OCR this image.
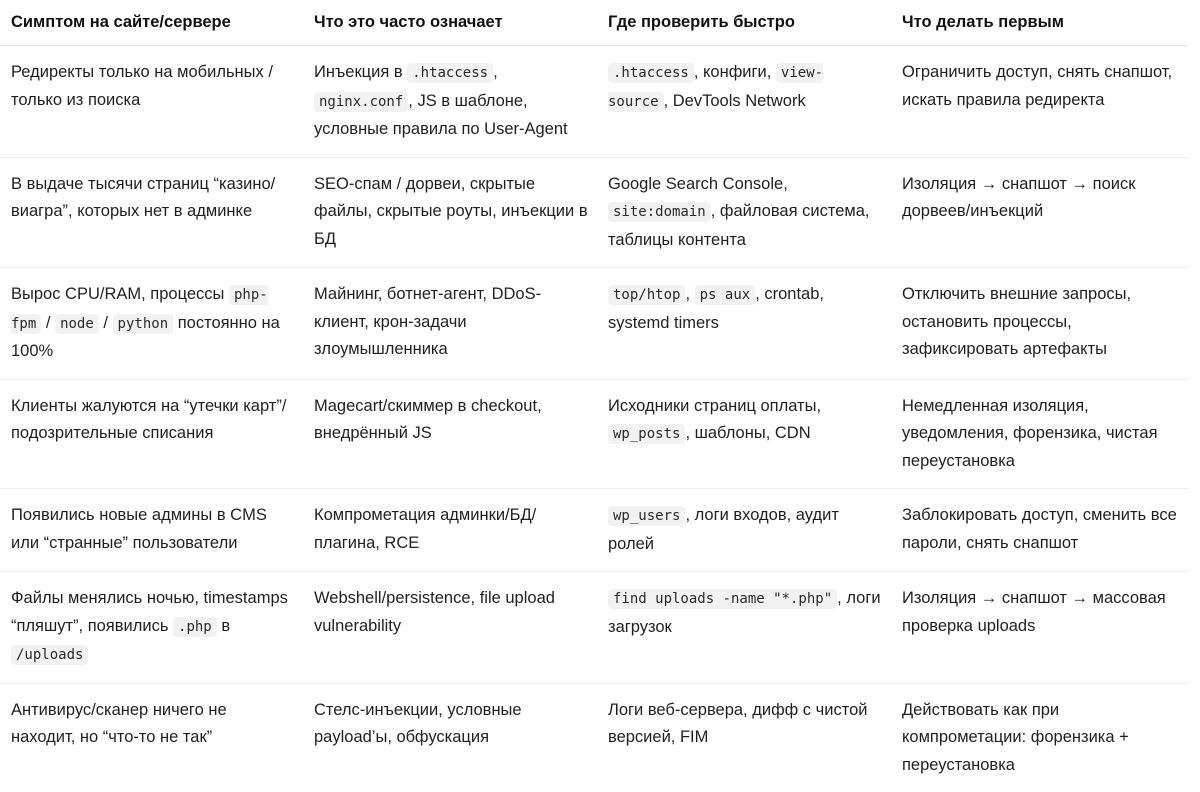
Симптом на сайте/сервере	Что это часто означает	Где проверить быстро	Что делать первым
Редиректы только на мобильных / только из поиска	Инъекция в .htaccess , nginx.conf , JS в шаблоне, условные правила по User-Agent	.htaccess , конфиги, view-source , DevTools Network	Ограничить доступ, снять снапшот, искать правила редиректа
В выдаче тысячи страниц “казино/виагра”, которых нет в админке	SEO-спам / дорвеи, скрытые файлы, скрытые роуты, инъекции в БД	Google Search Console, site:domain , файловая система, таблицы контента	Изоляция → снапшот → поиск дорвеев/инъекций
Вырос CPU/RAM, процессы php-fpm / node / python постоянно на 100%	Майнинг, ботнет-агент, DDoS-клиент, крон-задачи злоумышленника	top/htop , ps aux , crontab, systemd timers	Отключить внешние запросы, остановить процессы, зафиксировать артефакты
Клиенты жалуются на “утечки карт”/подозрительные списания	Magecart/скиммер в checkout, внедрённый JS	Исходники страниц оплаты, wp_posts , шаблоны, CDN	Немедленная изоляция, уведомления, форензика, чистая переустановка
Появились новые админы в CMS или “странные” пользователи	Компрометация админки/БД/плагина, RCE	wp_users , логи входов, аудит ролей	Заблокировать доступ, сменить все пароли, снять снапшот
Файлы менялись ночью, timestamps “пляшут”, появились .php в /uploads	Webshell/persistence, file upload vulnerability	find uploads -name "*.php" , логи загрузок	Изоляция → снапшот → массовая проверка uploads
Антивирус/сканер ничего не находит, но “что-то не так”	Стелс-инъекции, условные payload’ы, обфускация	Логи веб-сервера, дифф с чистой версией, FIM	Действовать как при компрометации: форензика + переустановка
